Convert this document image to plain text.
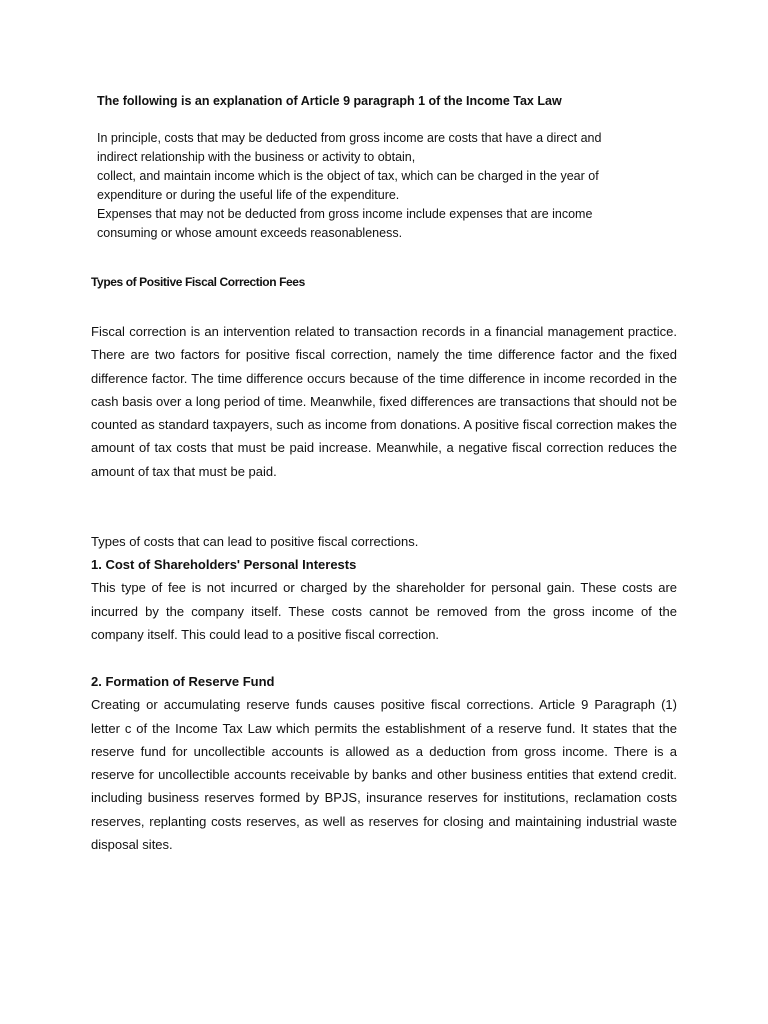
The following is an explanation of Article 9 paragraph 1 of the Income Tax Law

In principle, costs that may be deducted from gross income are costs that have a direct and

indirect relationship with the business or activity to obtain,

collect, and maintain income which is the object of tax, which can be charged in the year of

expenditure or during the useful life of the expenditure.

Expenses that may not be deducted from gross income include expenses that are income

consuming or whose amount exceeds reasonableness.

Types of Positive Fiscal Correction Fees

Fiscal correction is an intervention related to transaction records in a financial management practice. There are two factors for positive fiscal correction, namely the time difference factor and the fixed difference factor. The time difference occurs because of the time difference in income recorded in the cash basis over a long period of time. Meanwhile, fixed differences are transactions that should not be counted as standard taxpayers, such as income from donations. A positive fiscal correction makes the amount of tax costs that must be paid increase. Meanwhile, a negative fiscal correction reduces the amount of tax that must be paid.

Types of costs that can lead to positive fiscal corrections.

1. Cost of Shareholders' Personal Interests

This type of fee is not incurred or charged by the shareholder for personal gain. These costs are incurred by the company itself. These costs cannot be removed from the gross income of the company itself. This could lead to a positive fiscal correction.

2. Formation of Reserve Fund

Creating or accumulating reserve funds causes positive fiscal corrections. Article 9 Paragraph (1) letter c of the Income Tax Law which permits the establishment of a reserve fund. It states that the reserve fund for uncollectible accounts is allowed as a deduction from gross income. There is a reserve for uncollectible accounts receivable by banks and other business entities that extend credit. including business reserves formed by BPJS, insurance reserves for institutions, reclamation costs reserves, replanting costs reserves, as well as reserves for closing and maintaining industrial waste disposal sites.
